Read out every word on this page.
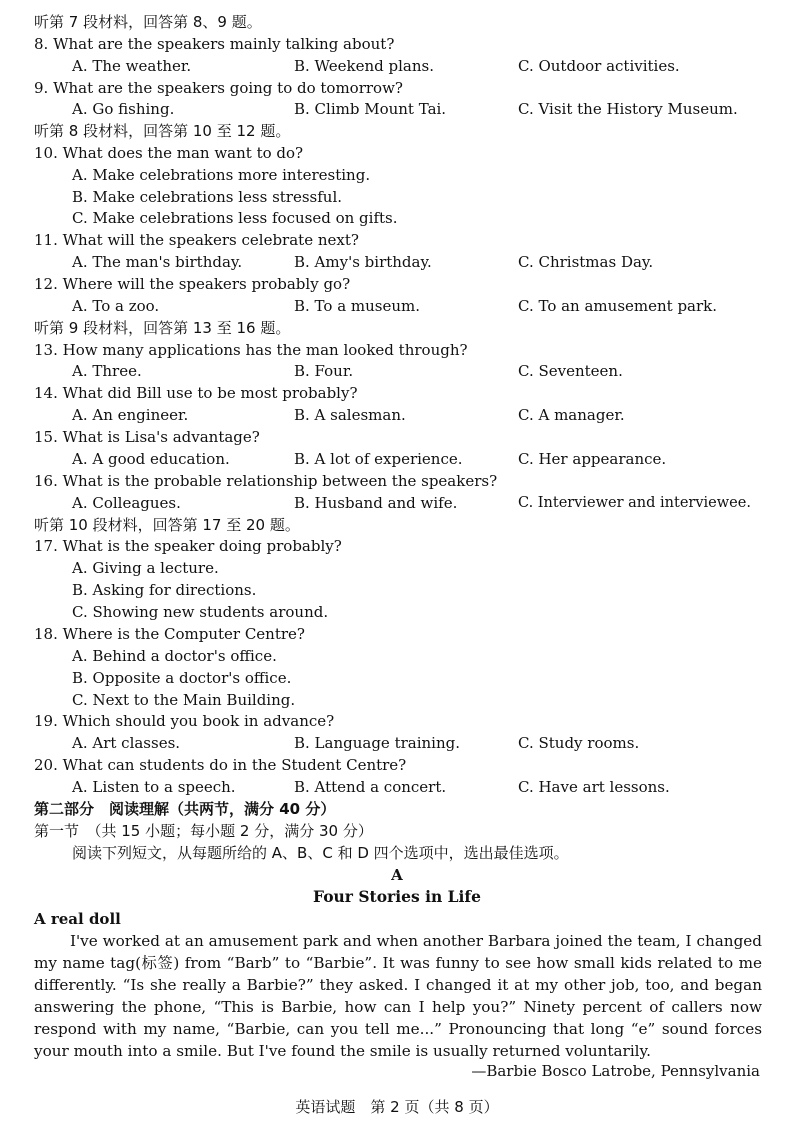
听第 7 段材料，回答第 8、9 题。
8. What are the speakers mainly talking about?
A. The weather.	B. Weekend plans.	C. Outdoor activities.
9. What are the speakers going to do tomorrow?
A. Go fishing.	B. Climb Mount Tai.	C. Visit the History Museum.
听第 8 段材料，回答第 10 至 12 题。
10. What does the man want to do?
A. Make celebrations more interesting.
B. Make celebrations less stressful.
C. Make celebrations less focused on gifts.
11. What will the speakers celebrate next?
A. The man's birthday.	B. Amy's birthday.	C. Christmas Day.
12. Where will the speakers probably go?
A. To a zoo.	B. To a museum.	C. To an amusement park.
听第 9 段材料，回答第 13 至 16 题。
13. How many applications has the man looked through?
A. Three.	B. Four.	C. Seventeen.
14. What did Bill use to be most probably?
A. An engineer.	B. A salesman.	C. A manager.
15. What is Lisa's advantage?
A. A good education.	B. A lot of experience.	C. Her appearance.
16. What is the probable relationship between the speakers?
A. Colleagues.	B. Husband and wife.	C. Interviewer and interviewee.
听第 10 段材料，回答第 17 至 20 题。
17. What is the speaker doing probably?
A. Giving a lecture.
B. Asking for directions.
C. Showing new students around.
18. Where is the Computer Centre?
A. Behind a doctor's office.
B. Opposite a doctor's office.
C. Next to the Main Building.
19. Which should you book in advance?
A. Art classes.	B. Language training.	C. Study rooms.
20. What can students do in the Student Centre?
A. Listen to a speech.	B. Attend a concert.	C. Have art lessons.
第二部分　阅读理解（共两节，满分 40 分）
第一节　（共 15 小题；每小题 2 分，满分 30 分）
阅读下列短文，从每题所给的 A、B、C 和 D 四个选项中，选出最佳选项。
A
Four Stories in Life
A real doll
I've worked at an amusement park and when another Barbara joined the team, I changed my name tag(标签) from “Barb” to “Barbie”. It was funny to see how small kids related to me differently. “Is she really a Barbie?” they asked. I changed it at my other job, too, and began answering the phone, “This is Barbie, how can I help you?” Ninety percent of callers now respond with my name, “Barbie, can you tell me...” Pronouncing that long “e” sound forces your mouth into a smile. But I've found the smile is usually returned voluntarily.
—Barbie Bosco Latrobe, Pennsylvania
英语试题　第 2 页（共 8 页）
